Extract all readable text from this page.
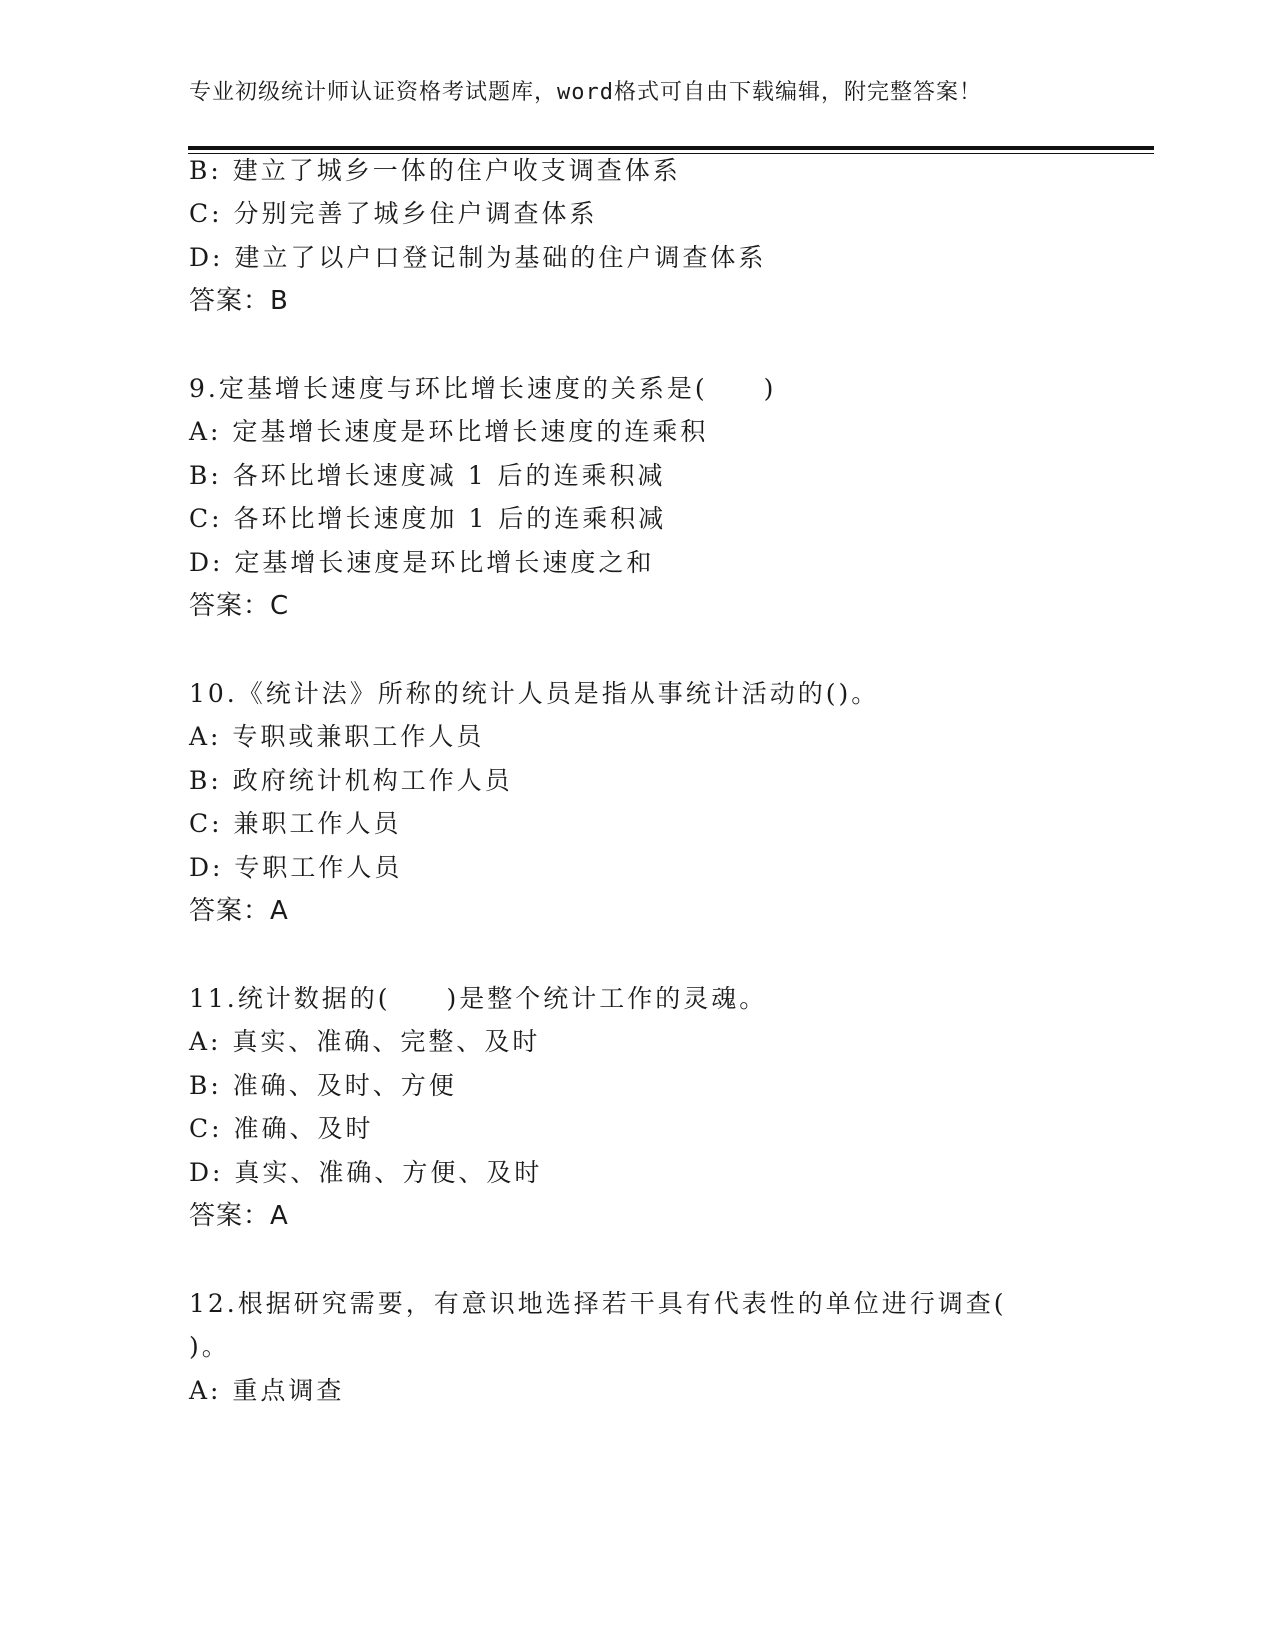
专业初级统计师认证资格考试题库，word格式可自由下载编辑，附完整答案！
B: 建立了城乡一体的住户收支调查体系
C: 分别完善了城乡住户调查体系
D: 建立了以户口登记制为基础的住户调查体系
答案：B
9.定基增长速度与环比增长速度的关系是(　　)
A: 定基增长速度是环比增长速度的连乘积
B: 各环比增长速度减 1 后的连乘积减
C: 各环比增长速度加 1 后的连乘积减
D: 定基增长速度是环比增长速度之和
答案：C
10.《统计法》所称的统计人员是指从事统计活动的()。
A: 专职或兼职工作人员
B: 政府统计机构工作人员
C: 兼职工作人员
D: 专职工作人员
答案：A
11.统计数据的(　　)是整个统计工作的灵魂。
A: 真实、准确、完整、及时
B: 准确、及时、方便
C: 准确、及时
D: 真实、准确、方便、及时
答案：A
12.根据研究需要，有意识地选择若干具有代表性的单位进行调查(
)。
A: 重点调查
